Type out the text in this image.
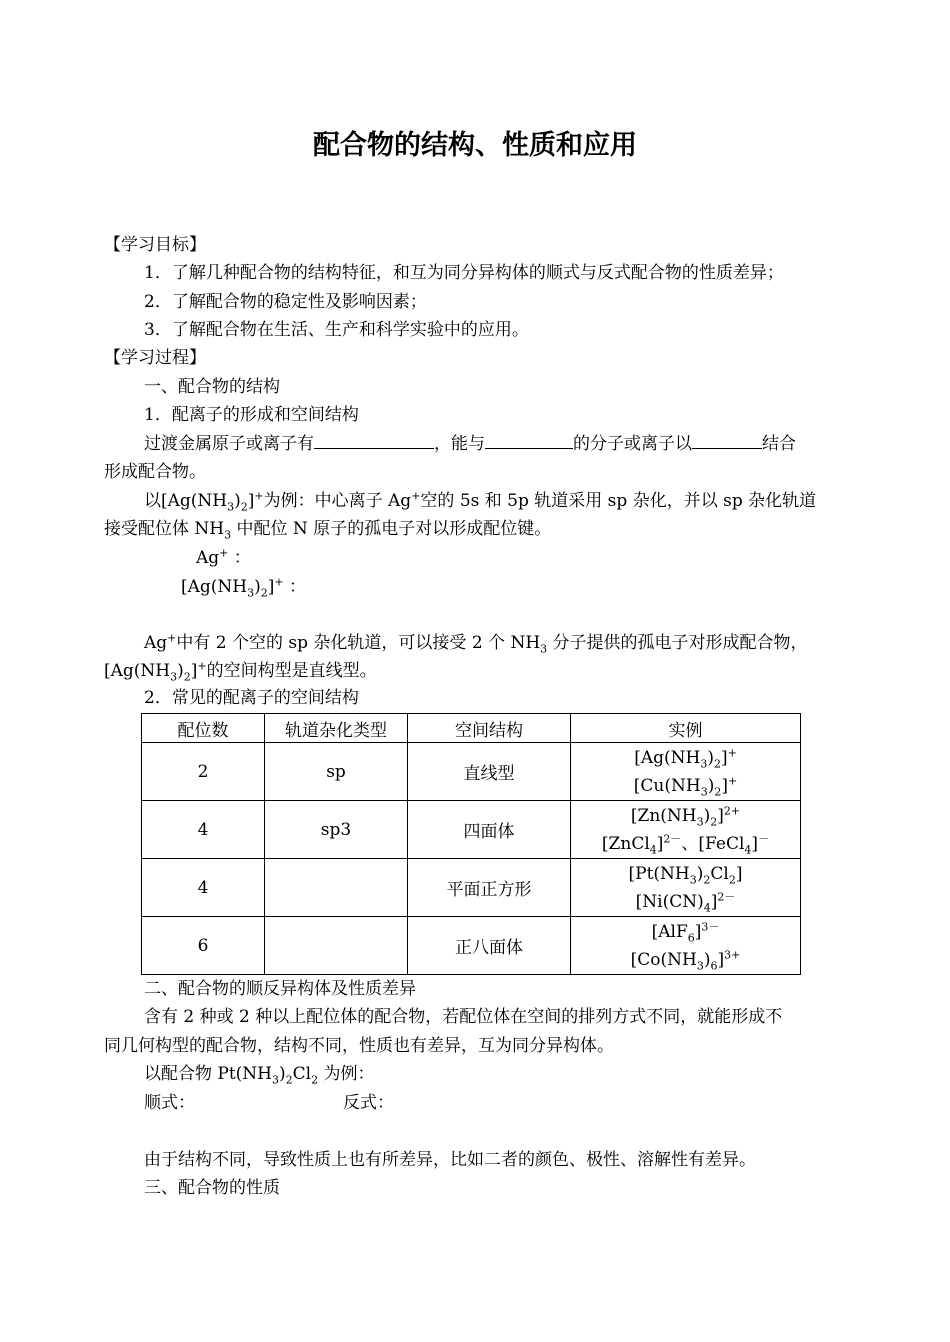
配合物的结构、性质和应用
【学习目标】
1．了解几种配合物的结构特征，和互为同分异构体的顺式与反式配合物的性质差异；
2．了解配合物的稳定性及影响因素；
3．了解配合物在生活、生产和科学实验中的应用。
【学习过程】
一、配合物的结构
1．配离子的形成和空间结构
过渡金属原子或离子有	，能与	的分子或离子以	结合
形成配合物。
以$[Ag(NH_3)_2]^+$为例：中心离子 Ag+空的 5s 和 5p 轨道采用 sp 杂化，并以 sp 杂化轨道
接受配位体 $NH_3$ 中配位 N 原子的孤电子对以形成配位键。
Ag+ ：
$[Ag(NH_3)_2]^+$ ：
Ag+中有 2 个空的 sp 杂化轨道，可以接受 2 个 $NH_3$ 分子提供的孤电子对形成配合物，
$[Ag(NH_3)_2]^+$的空间构型是直线型。
2．常见的配离子的空间结构
配位数	轨道杂化类型	空间结构	实例
2	sp	直线型	$[Ag(NH_3)_2]^+$
$[Cu(NH_3)_2]^+$

4	sp3	四面体	$[Zn(NH_3)_2]^{2+}$
[ZnCl$_4$]$^{2-}$、[FeCl$_4$]－

4		平面正方形	$[Pt(NH_3)_2Cl_2]$
$[Ni(CN)_4]^{2-}$

6		正八面体	$[AlF_6]^{3-}$
$[Co(NH_3)_6]^{3+}$
二、配合物的顺反异构体及性质差异
含有 2 种或 2 种以上配位体的配合物，若配位体在空间的排列方式不同，就能形成不
同几何构型的配合物，结构不同，性质也有差异，互为同分异构体。
以配合物 $Pt(NH_3)_2Cl_2$ 为例：
顺式：	反式：
由于结构不同，导致性质上也有所差异，比如二者的颜色、极性、溶解性有差异。
三、配合物的性质
